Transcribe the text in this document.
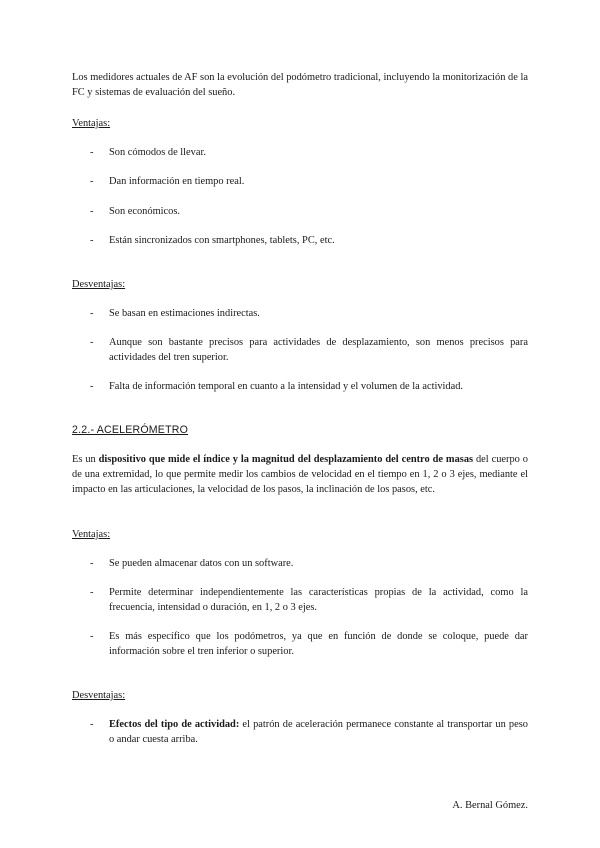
Los medidores actuales de AF son la evolución del podómetro tradicional, incluyendo la monitorización de la FC y sistemas de evaluación del sueño.
Ventajas:
- Son cómodos de llevar.
- Dan información en tiempo real.
- Son económicos.
- Están sincronizados con smartphones, tablets, PC, etc.
Desventajas:
- Se basan en estimaciones indirectas.
- Aunque son bastante precisos para actividades de desplazamiento, son menos precisos para actividades del tren superior.
- Falta de información temporal en cuanto a la intensidad y el volumen de la actividad.
2.2.- ACELERÓMETRO
Es un dispositivo que mide el índice y la magnitud del desplazamiento del centro de masas del cuerpo o de una extremidad, lo que permite medir los cambios de velocidad en el tiempo en 1, 2 o 3 ejes, mediante el impacto en las articulaciones, la velocidad de los pasos, la inclinación de los pasos, etc.
Ventajas:
- Se pueden almacenar datos con un software.
- Permite determinar independientemente las características propias de la actividad, como la frecuencia, intensidad o duración, en 1, 2 o 3 ejes.
- Es más específico que los podómetros, ya que en función de donde se coloque, puede dar información sobre el tren inferior o superior.
Desventajas:
- Efectos del tipo de actividad: el patrón de aceleración permanece constante al transportar un peso o andar cuesta arriba.
A. Bernal Gómez.
